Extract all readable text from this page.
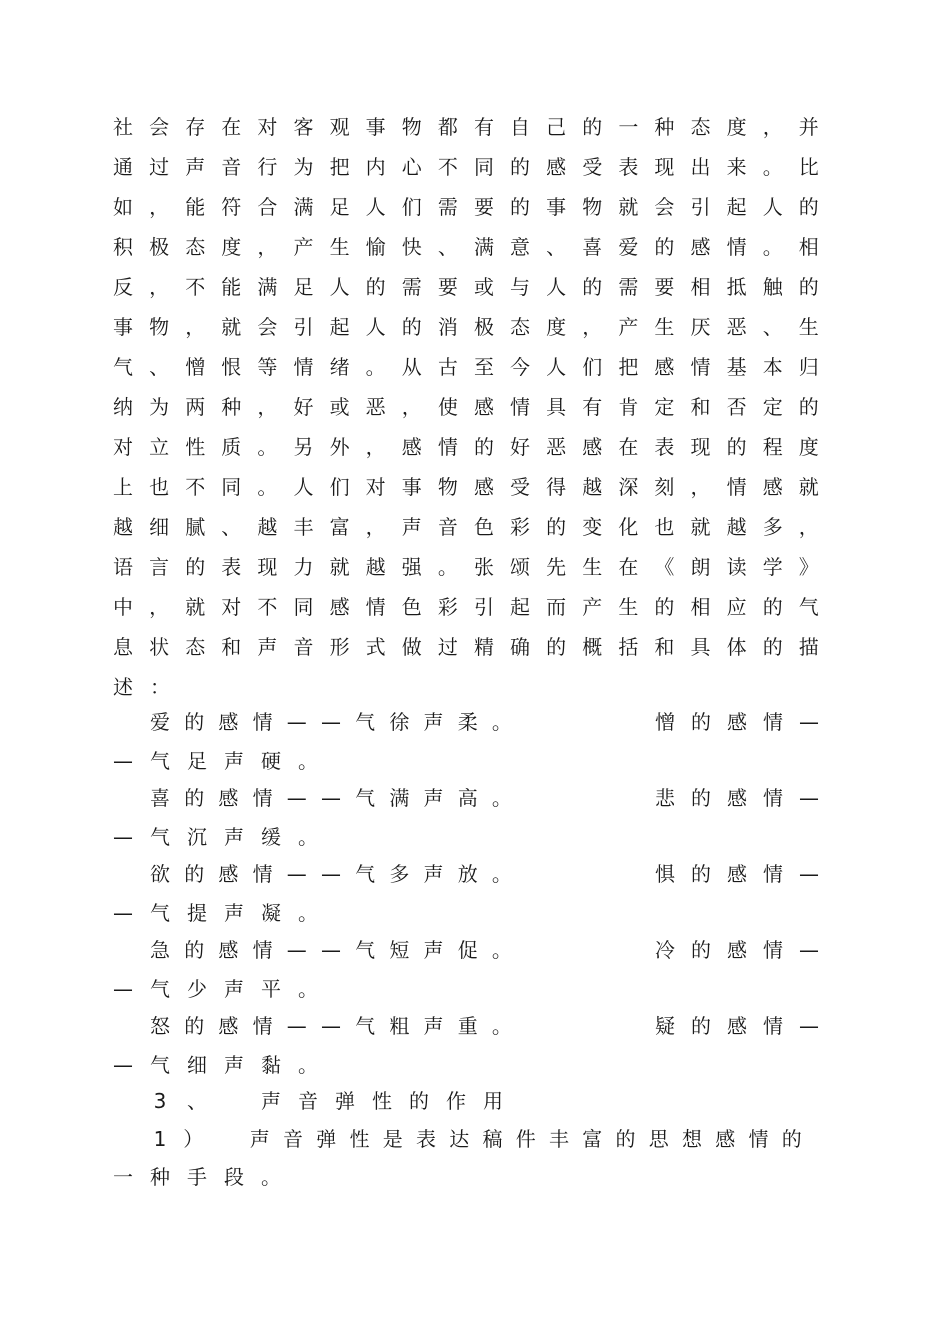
社 会 存 在 对 客 观 事 物 都 有 自 己 的 一 种 态 度 ， 并
通 过 声 音 行 为 把 内 心 不 同 的 感 受 表 现 出 来 。 比
如 ， 能 符 合 满 足 人 们 需 要 的 事 物 就 会 引 起 人 的
积 极 态 度 ， 产 生 愉 快 、 满 意 、 喜 爱 的 感 情 。 相
反 ， 不 能 满 足 人 的 需 要 或 与 人 的 需 要 相 抵 触 的
事 物 ， 就 会 引 起 人 的 消 极 态 度 ， 产 生 厌 恶 、 生
气 、 憎 恨 等 情 绪 。 从 古 至 今 人 们 把 感 情 基 本 归
纳 为 两 种 ， 好 或 恶 ， 使 感 情 具 有 肯 定 和 否 定 的
对 立 性 质 。 另 外 ， 感 情 的 好 恶 感 在 表 现 的 程 度
上 也 不 同 。 人 们 对 事 物 感 受 得 越 深 刻 ， 情 感 就
越 细 腻 、 越 丰 富 ， 声 音 色 彩 的 变 化 也 就 越 多 ，
语 言 的 表 现 力 就 越 强 。 张 颂 先 生 在 《 朗 读 学 》
中 ， 就 对 不 同 感 情 色 彩 引 起 而 产 生 的 相 应 的 气
息 状 态 和 声 音 形 式 做 过 精 确 的 概 括 和 具 体 的 描
述 ：
爱 的 感 情 — — 气 徐 声 柔 。	憎 的 感 情 —
— 气 足 声 硬 。
喜 的 感 情 — — 气 满 声 高 。	悲 的 感 情 —
— 气 沉 声 缓 。
欲 的 感 情 — — 气 多 声 放 。	惧 的 感 情 —
— 气 提 声 凝 。
急 的 感 情 — — 气 短 声 促 。	冷 的 感 情 —
— 气 少 声 平 。
怒 的 感 情 — — 气 粗 声 重 。	疑 的 感 情 —
— 气 细 声 黏 。
3 、
	声 音 弹 性 的 作 用
1 ）
声 音 弹 性 是 表 达 稿 件 丰 富 的 思 想 感 情 的
一 种 手 段 。
